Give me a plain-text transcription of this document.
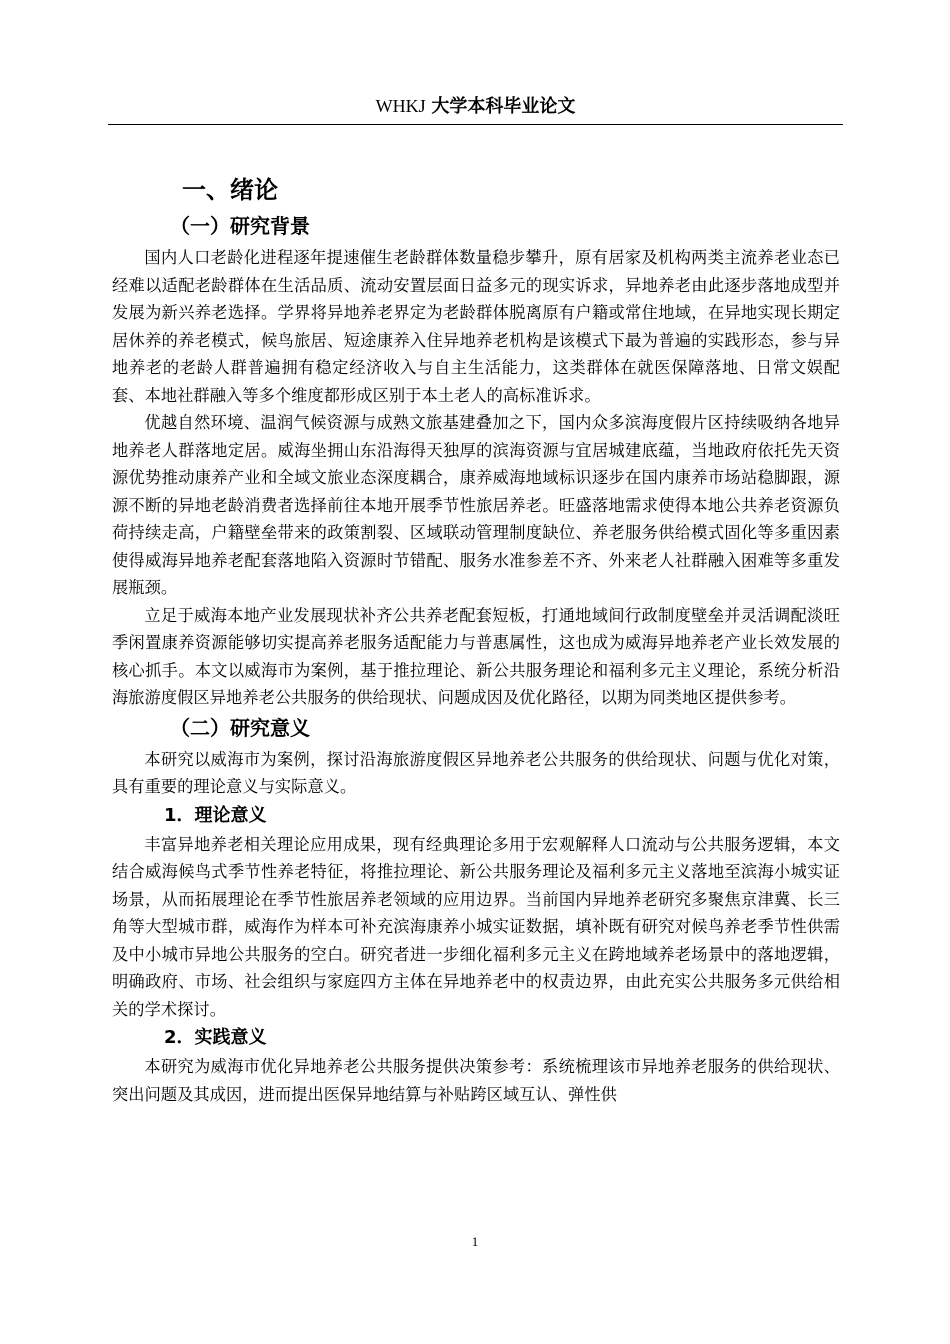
WHKJ 大学本科毕业论文
一、绪论
（一）研究背景

国内人口老龄化进程逐年提速催生老龄群体数量稳步攀升，原有居家及机构两类主流养老业态已经难以适配老龄群体在生活品质、流动安置层面日益多元的现实诉求，异地养老由此逐步落地成型并发展为新兴养老选择。学界将异地养老界定为老龄群体脱离原有户籍或常住地域，在异地实现长期定居休养的养老模式，候鸟旅居、短途康养入住异地养老机构是该模式下最为普遍的实践形态，参与异地养老的老龄人群普遍拥有稳定经济收入与自主生活能力，这类群体在就医保障落地、日常文娱配套、本地社群融入等多个维度都形成区别于本土老人的高标准诉求。

优越自然环境、温润气候资源与成熟文旅基建叠加之下，国内众多滨海度假片区持续吸纳各地异地养老人群落地定居。威海坐拥山东沿海得天独厚的滨海资源与宜居城建底蕴，当地政府依托先天资源优势推动康养产业和全域文旅业态深度耦合，康养威海地域标识逐步在国内康养市场站稳脚跟，源源不断的异地老龄消费者选择前往本地开展季节性旅居养老。旺盛落地需求使得本地公共养老资源负荷持续走高，户籍壁垒带来的政策割裂、区域联动管理制度缺位、养老服务供给模式固化等多重因素使得威海异地养老配套落地陷入资源时节错配、服务水准参差不齐、外来老人社群融入困难等多重发展瓶颈。

立足于威海本地产业发展现状补齐公共养老配套短板，打通地域间行政制度壁垒并灵活调配淡旺季闲置康养资源能够切实提高养老服务适配能力与普惠属性，这也成为威海异地养老产业长效发展的核心抓手。本文以威海市为案例，基于推拉理论、新公共服务理论和福利多元主义理论，系统分析沿海旅游度假区异地养老公共服务的供给现状、问题成因及优化路径，以期为同类地区提供参考。

（二）研究意义

本研究以威海市为案例，探讨沿海旅游度假区异地养老公共服务的供给现状、问题与优化对策，具有重要的理论意义与实际意义。

1．理论意义

丰富异地养老相关理论应用成果，现有经典理论多用于宏观解释人口流动与公共服务逻辑，本文结合威海候鸟式季节性养老特征，将推拉理论、新公共服务理论及福利多元主义落地至滨海小城实证场景，从而拓展理论在季节性旅居养老领域的应用边界。当前国内异地养老研究多聚焦京津冀、长三角等大型城市群，威海作为样本可补充滨海康养小城实证数据，填补既有研究对候鸟养老季节性供需及中小城市异地公共服务的空白。研究者进一步细化福利多元主义在跨地域养老场景中的落地逻辑，明确政府、市场、社会组织与家庭四方主体在异地养老中的权责边界，由此充实公共服务多元供给相关的学术探讨。

2．实践意义

本研究为威海市优化异地养老公共服务提供决策参考：系统梳理该市异地养老服务的供给现状、突出问题及其成因，进而提出医保异地结算与补贴跨区域互认、弹性供

1
